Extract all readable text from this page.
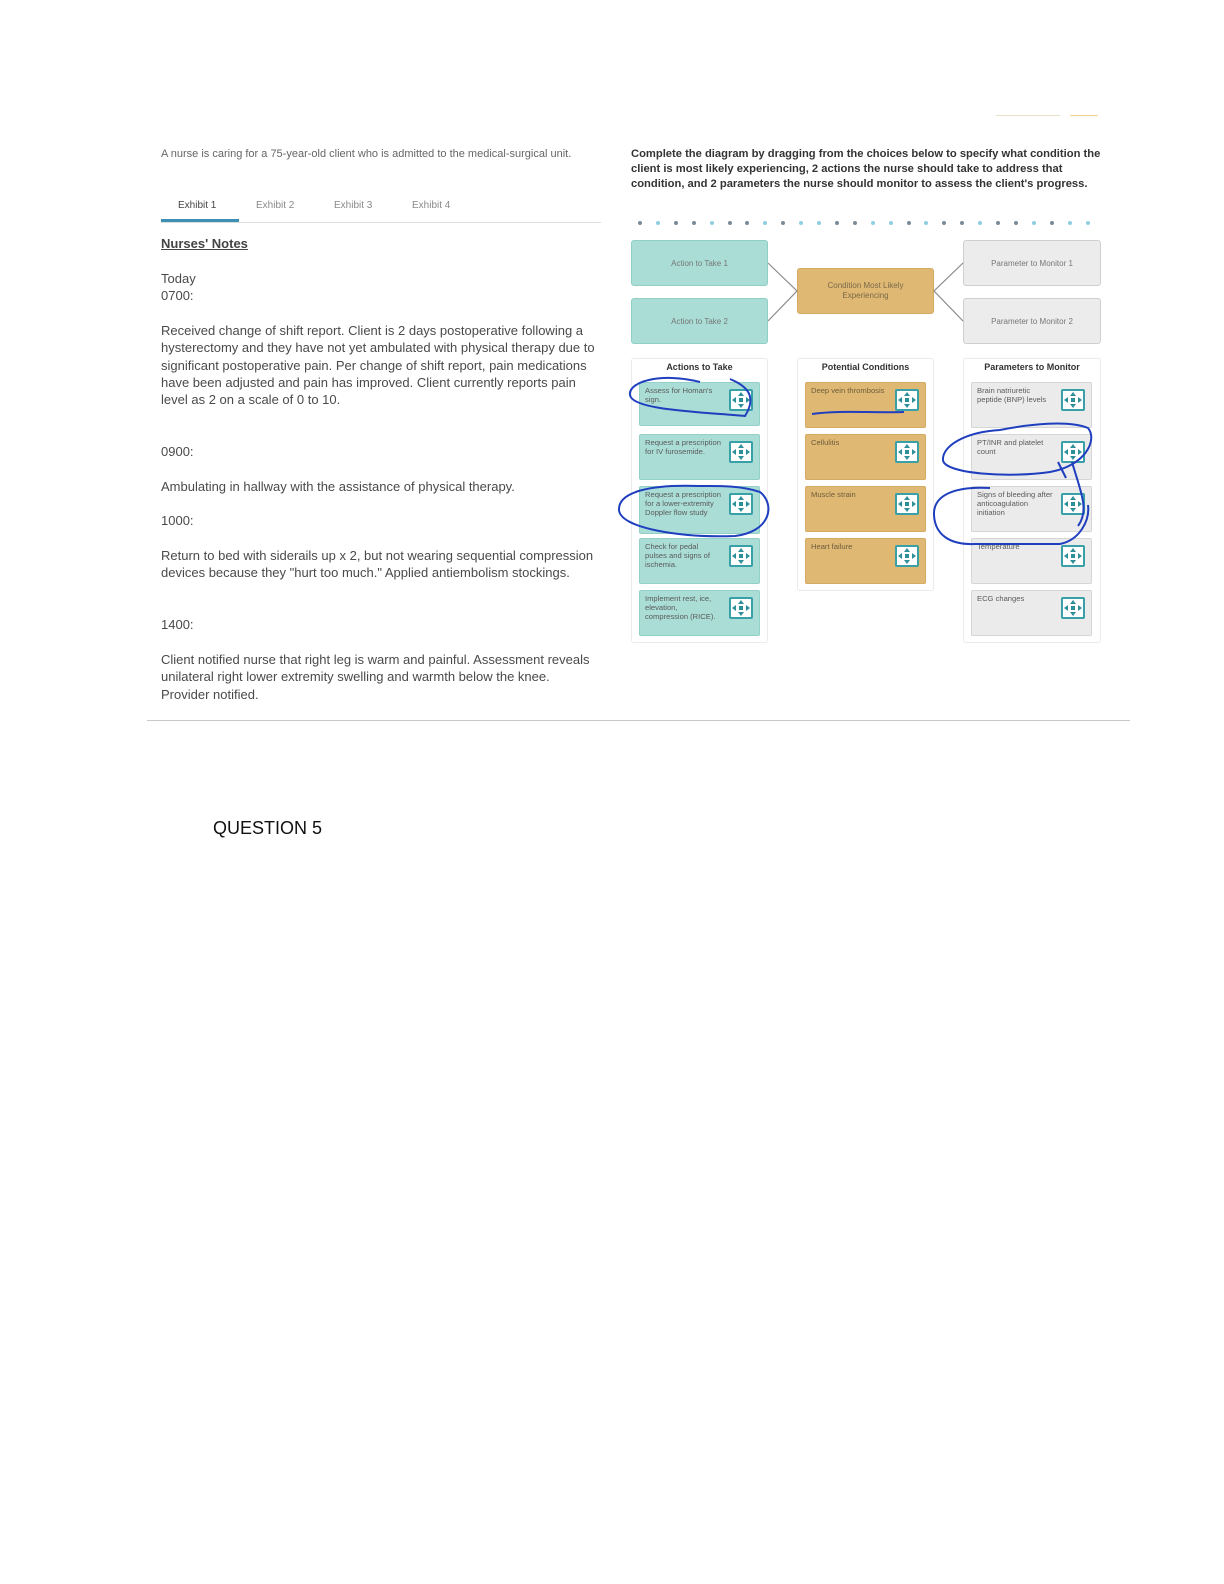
A nurse is caring for a 75-year-old client who is admitted to the medical-surgical unit.

Exhibit 1	Exhibit 2	Exhibit 3	Exhibit 4

Nurses' Notes

Today

0700:

Received change of shift report. Client is 2 days postoperative following a hysterectomy and they have not yet ambulated with physical therapy due to significant postoperative pain. Per change of shift report, pain medications have been adjusted and pain has improved. Client currently reports pain level as 2 on a scale of 0 to 10.

0900:

Ambulating in hallway with the assistance of physical therapy.

1000:

Return to bed with siderails up x 2, but not wearing sequential compression devices because they "hurt too much." Applied antiembolism stockings.

1400:

Client notified nurse that right leg is warm and painful. Assessment reveals unilateral right lower extremity swelling and warmth below the knee. Provider notified.

Complete the diagram by dragging from the choices below to specify what condition the client is most likely experiencing, 2 actions the nurse should take to address that condition, and 2 parameters the nurse should monitor to assess the client's progress.

Action to Take 1
Action to Take 2
Condition Most Likely Experiencing
Parameter to Monitor 1
Parameter to Monitor 2
Actions to Take
Assess for Homan's sign.
Request a prescription for IV furosemide.
Request a prescription for a lower-extremity Doppler flow study
Check for pedal pulses and signs of ischemia.
Implement rest, ice, elevation, compression (RICE).
Potential Conditions
Deep vein thrombosis
Cellulitis
Muscle strain
Heart failure
Parameters to Monitor
Brain natriuretic peptide (BNP) levels
PT/INR and platelet count
Signs of bleeding after anticoagulation initiation
Temperature
ECG changes

QUESTION 5
